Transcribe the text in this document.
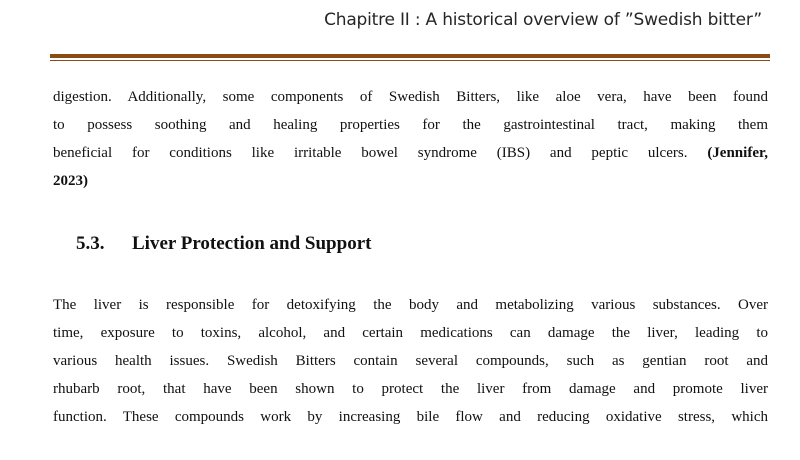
Chapitre II : A historical overview of ”Swedish bitter”
digestion. Additionally, some components of Swedish Bitters, like aloe vera, have been found
to possess soothing and healing properties for the gastrointestinal tract, making them
beneficial for conditions like irritable bowel syndrome (IBS) and peptic ulcers. (Jennifer,
2023)
5.3. Liver Protection and Support
The liver is responsible for detoxifying the body and metabolizing various substances. Over
time, exposure to toxins, alcohol, and certain medications can damage the liver, leading to
various health issues. Swedish Bitters contain several compounds, such as gentian root and
rhubarb root, that have been shown to protect the liver from damage and promote liver
function. These compounds work by increasing bile flow and reducing oxidative stress, which
